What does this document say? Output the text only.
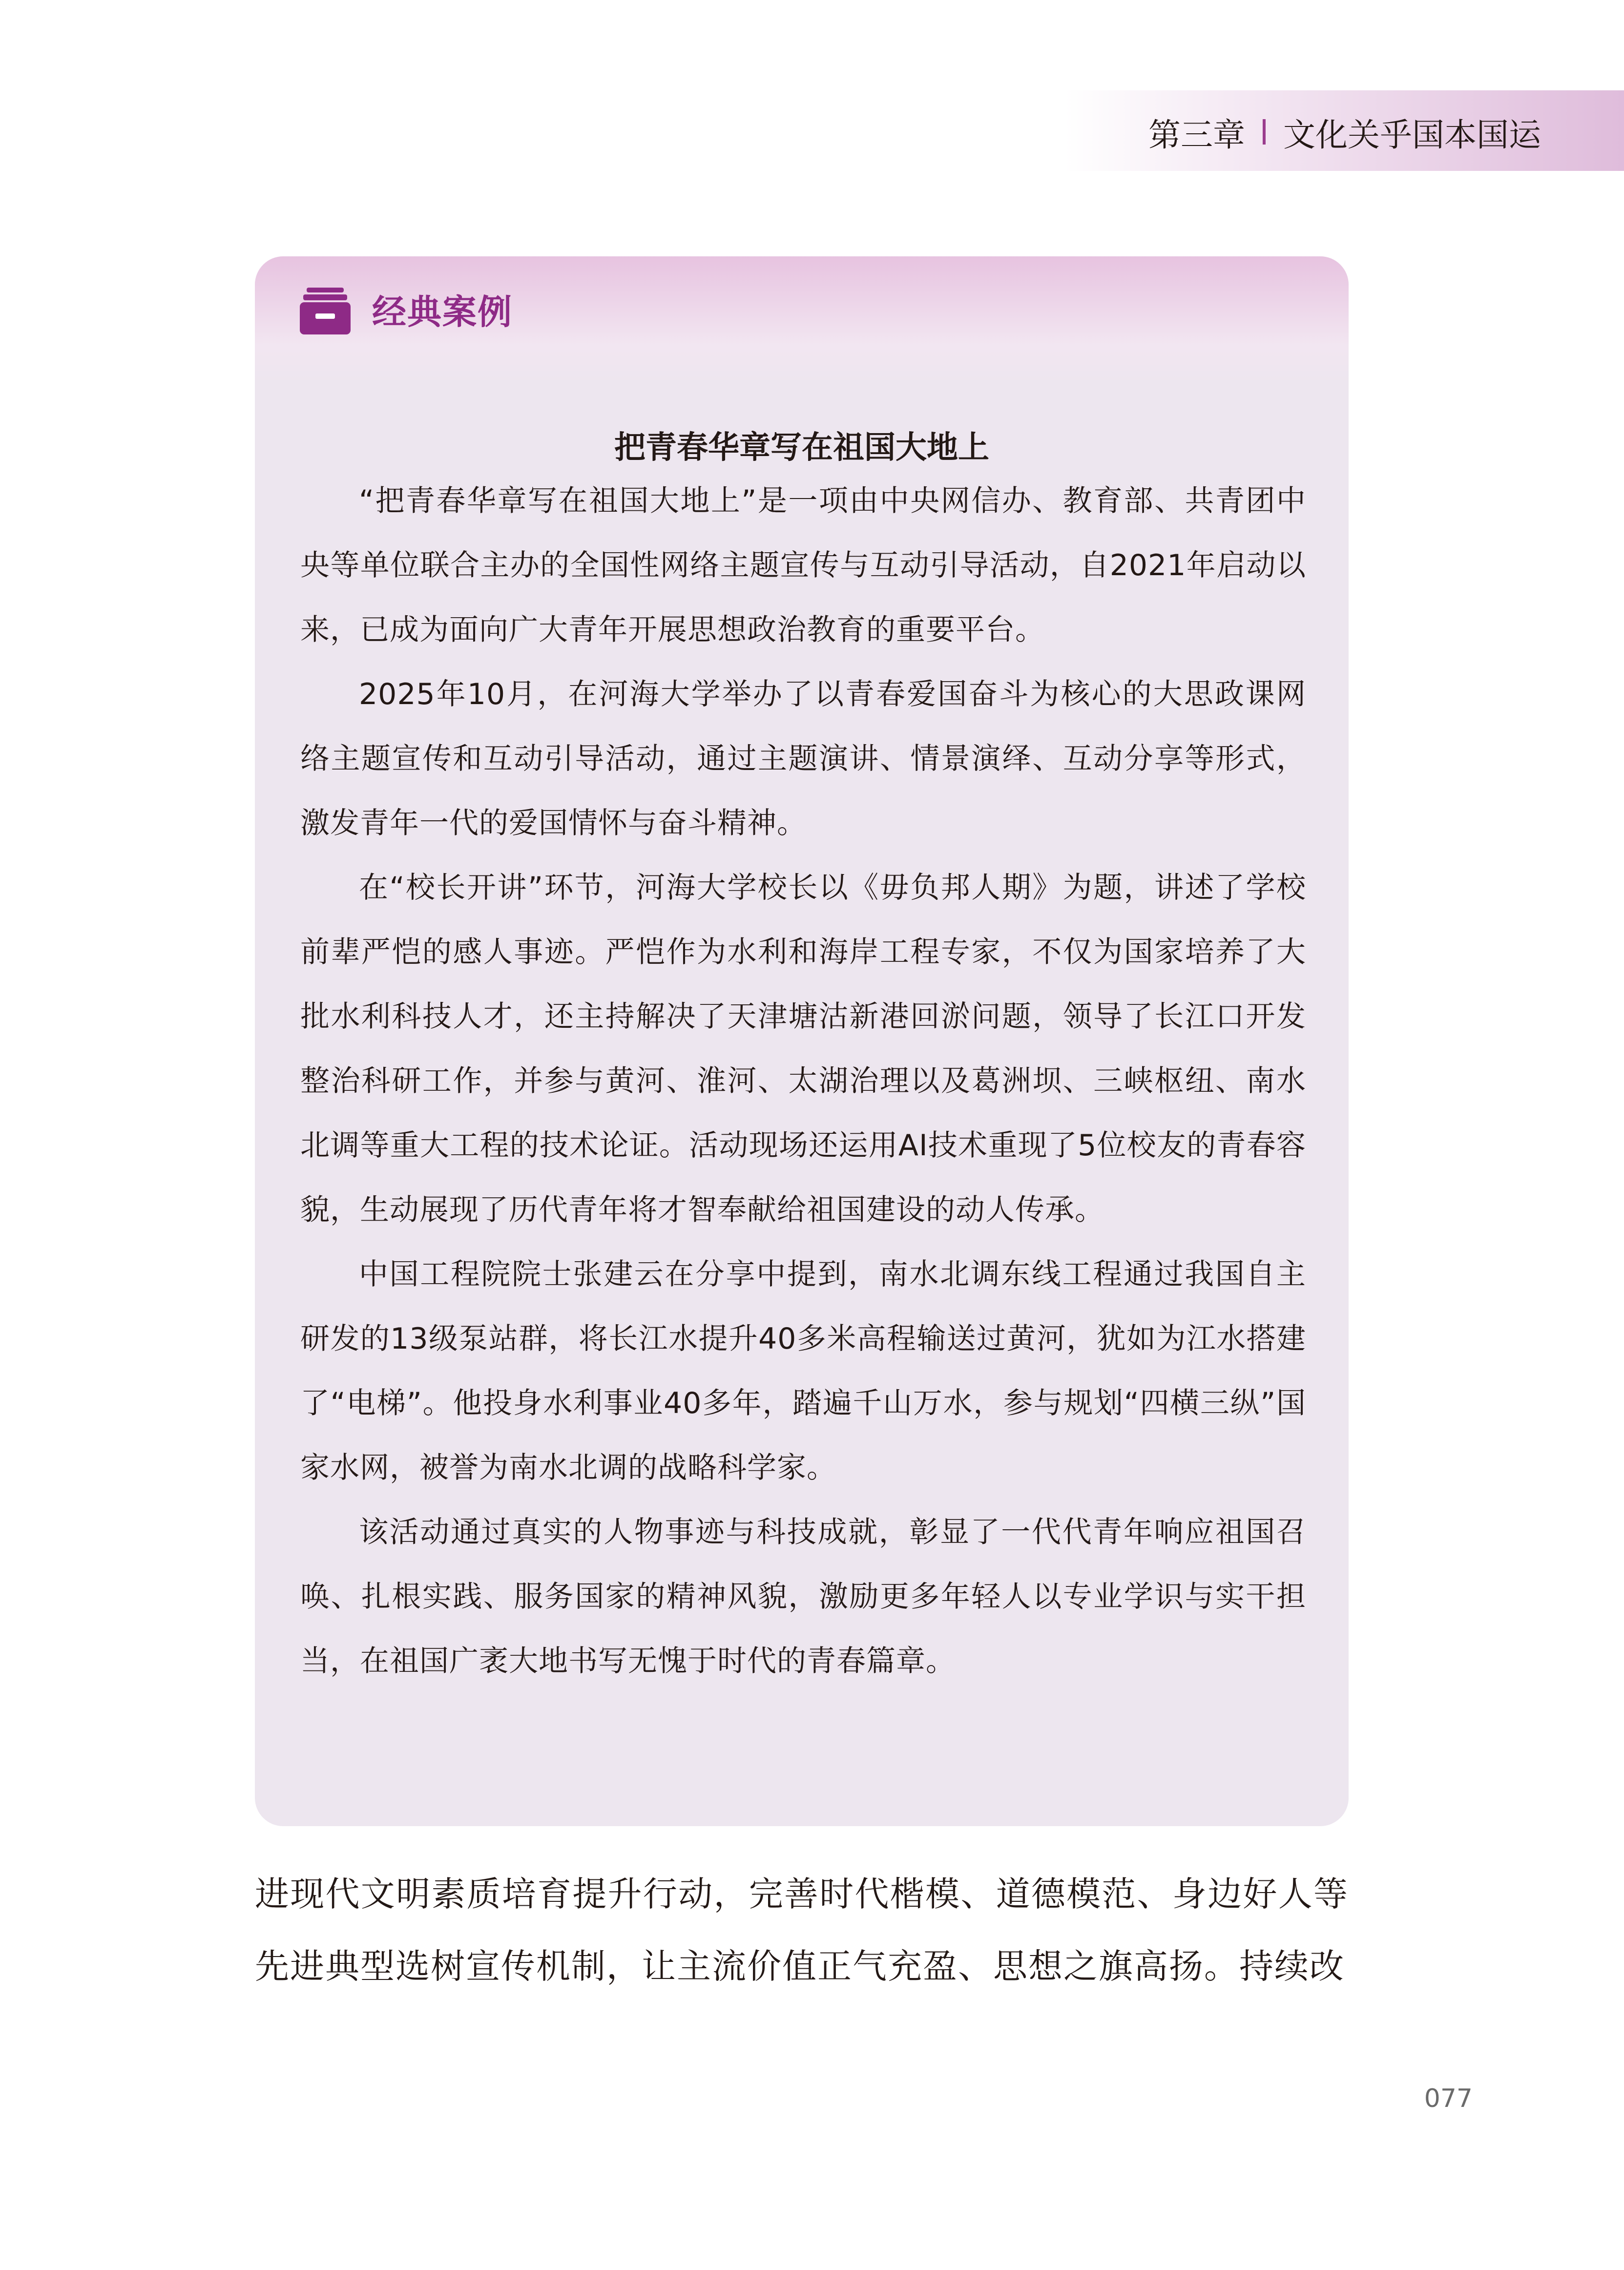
第三章 文化关乎国本国运
经典案例
把青春华章写在祖国大地上

“把青春华章写在祖国大地上”是一项由中央网信办、教育部、共青团中央等单位联合主办的全国性网络主题宣传与互动引导活动，自2021年启动以来，已成为面向广大青年开展思想政治教育的重要平台。

2025年10月，在河海大学举办了以青春爱国奋斗为核心的大思政课网络主题宣传和互动引导活动，通过主题演讲、情景演绎、互动分享等形式，激发青年一代的爱国情怀与奋斗精神。

在“校长开讲”环节，河海大学校长以《毋负邦人期》为题，讲述了学校前辈严恺的感人事迹。严恺作为水利和海岸工程专家，不仅为国家培养了大批水利科技人才，还主持解决了天津塘沽新港回淤问题，领导了长江口开发整治科研工作，并参与黄河、淮河、太湖治理以及葛洲坝、三峡枢纽、南水北调等重大工程的技术论证。活动现场还运用AI技术重现了5位校友的青春容貌，生动展现了历代青年将才智奉献给祖国建设的动人传承。

中国工程院院士张建云在分享中提到，南水北调东线工程通过我国自主研发的13级泵站群，将长江水提升40多米高程输送过黄河，犹如为江水搭建了“电梯”。他投身水利事业40多年，踏遍千山万水，参与规划“四横三纵”国家水网，被誉为南水北调的战略科学家。

该活动通过真实的人物事迹与科技成就，彰显了一代代青年响应祖国召唤、扎根实践、服务国家的精神风貌，激励更多年轻人以专业学识与实干担当，在祖国广袤大地书写无愧于时代的青春篇章。

进现代文明素质培育提升行动，完善时代楷模、道德模范、身边好人等先进典型选树宣传机制，让主流价值正气充盈、思想之旗高扬。持续改

077
